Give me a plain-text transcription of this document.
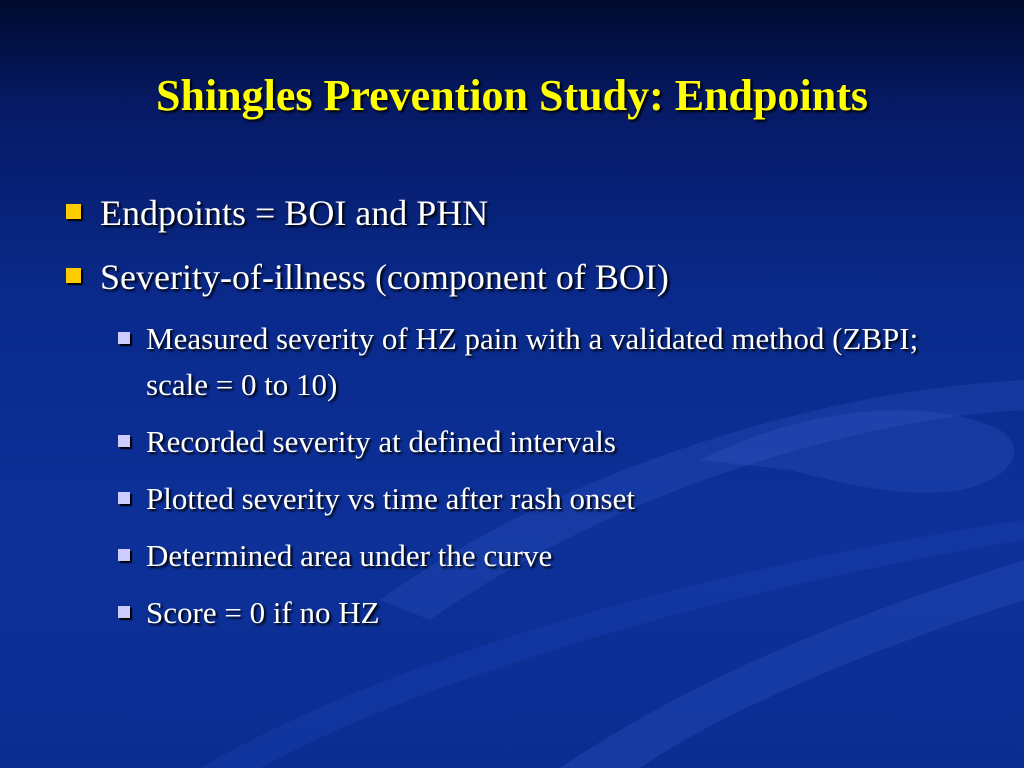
Shingles Prevention Study: Endpoints
Endpoints = BOI and PHN
Severity-of-illness (component of BOI)
Measured severity of HZ pain with a validated method (ZBPI; scale = 0 to 10)
Recorded severity at defined intervals
Plotted severity vs time after rash onset
Determined area under the curve
Score = 0 if no HZ
